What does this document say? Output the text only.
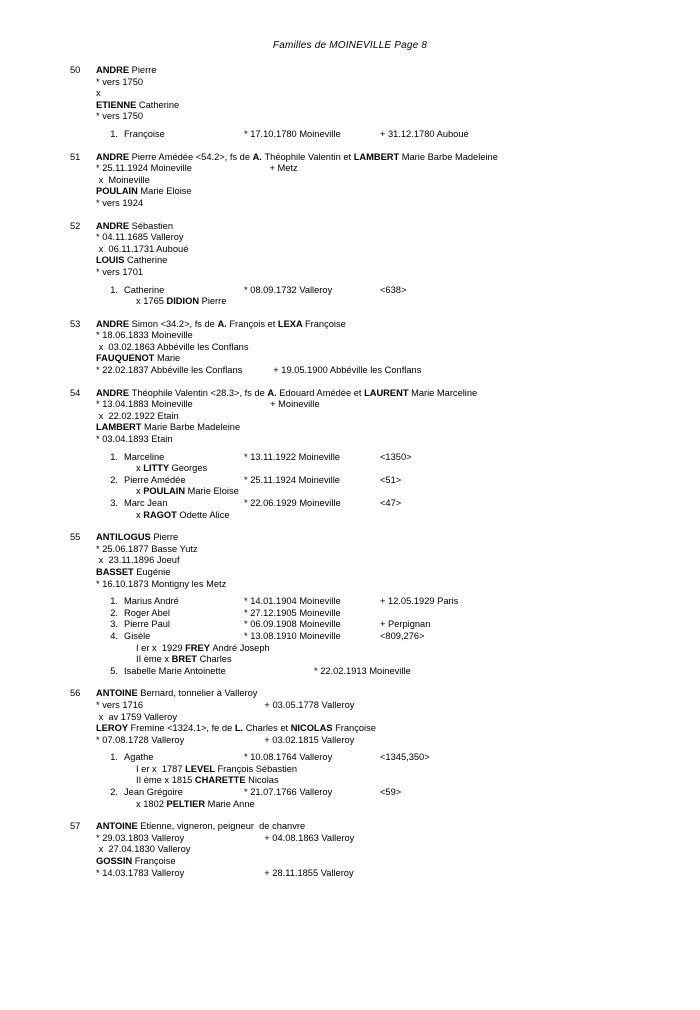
Familles de MOINEVILLE Page 8
50	ANDRE Pierre
* vers 1750
x
ETIENNE Catherine
* vers 1750
1. Françoise	* 17.10.1780 Moineville	+ 31.12.1780 Auboué
51	ANDRE Pierre Amédée <54.2>, fs de A. Théophile Valentin et LAMBERT Marie Barbe Madeleine
* 25.11.1924 Moineville                              + Metz
x  Moineville
POULAIN Marie Eloise
* vers 1924
52	ANDRE Sébastien
* 04.11.1685 Valleroy
x  06.11.1731 Auboué
LOUIS Catherine
* vers 1701
1. Catherine	* 08.09.1732 Valleroy	<638>
x 1765 DIDION Pierre
53	ANDRE Simon <34.2>, fs de A. François et LEXA Françoise
* 18.06.1833 Moineville
x  03.02.1863 Abbéville les Conflans
FAUQUENOT Marie
* 22.02.1837 Abbéville les Conflans            + 19.05.1900 Abbéville les Conflans
54	ANDRE Théophile Valentin <28.3>, fs de A. Edouard Amédée et LAURENT Marie Marceline
* 13.04.1883 Moineville                              + Moineville
x  22.02.1922 Etain
LAMBERT Marie Barbe Madeleine
* 03.04.1893 Etain
1. Marceline	* 13.11.1922 Moineville	<1350>
x LITTY Georges
2. Pierre Amédée	* 25.11.1924 Moineville	<51>
x POULAIN Marie Eloise
3. Marc Jean	* 22.06.1929 Moineville	<47>
x RAGOT Odette Alice
55	ANTILOGUS Pierre
* 25.06.1877 Basse Yutz
x  23.11.1896 Joeuf
BASSET Eugénie
* 16.10.1873 Montigny les Metz
1. Marius André	* 14.01.1904 Moineville	+ 12.05.1929 Paris
2. Roger Abel	* 27.12.1905 Moineville
3. Pierre Paul	* 06.09.1908 Moineville	+ Perpignan
4. Gisèle	* 13.08.1910 Moineville	<809,276>
I er x  1929 FREY André Joseph
II ème x BRET Charles
5. Isabelle Marie Antoinette	* 22.02.1913 Moineville
56	ANTOINE Bernard, tonnelier à Valleroy
* vers 1716                                               + 03.05.1778 Valleroy
x  av 1759 Valleroy
LEROY Fremine <1324.1>, fe de L. Charles et NICOLAS Françoise
* 07.08.1728 Valleroy                               + 03.02.1815 Valleroy
1. Agathe	* 10.08.1764 Valleroy	<1345,350>
I er x  1787 LEVEL François Sébastien
II ème x 1815 CHARETTE Nicolas
2. Jean Grégoire	* 21.07.1766 Valleroy	<59>
x 1802 PELTIER Marie Anne
57	ANTOINE Etienne, vigneron, peigneur  de chanvre
* 29.03.1803 Valleroy                               + 04.08.1863 Valleroy
x  27.04.1830 Valleroy
GOSSIN Françoise
* 14.03.1783 Valleroy                               + 28.11.1855 Valleroy
